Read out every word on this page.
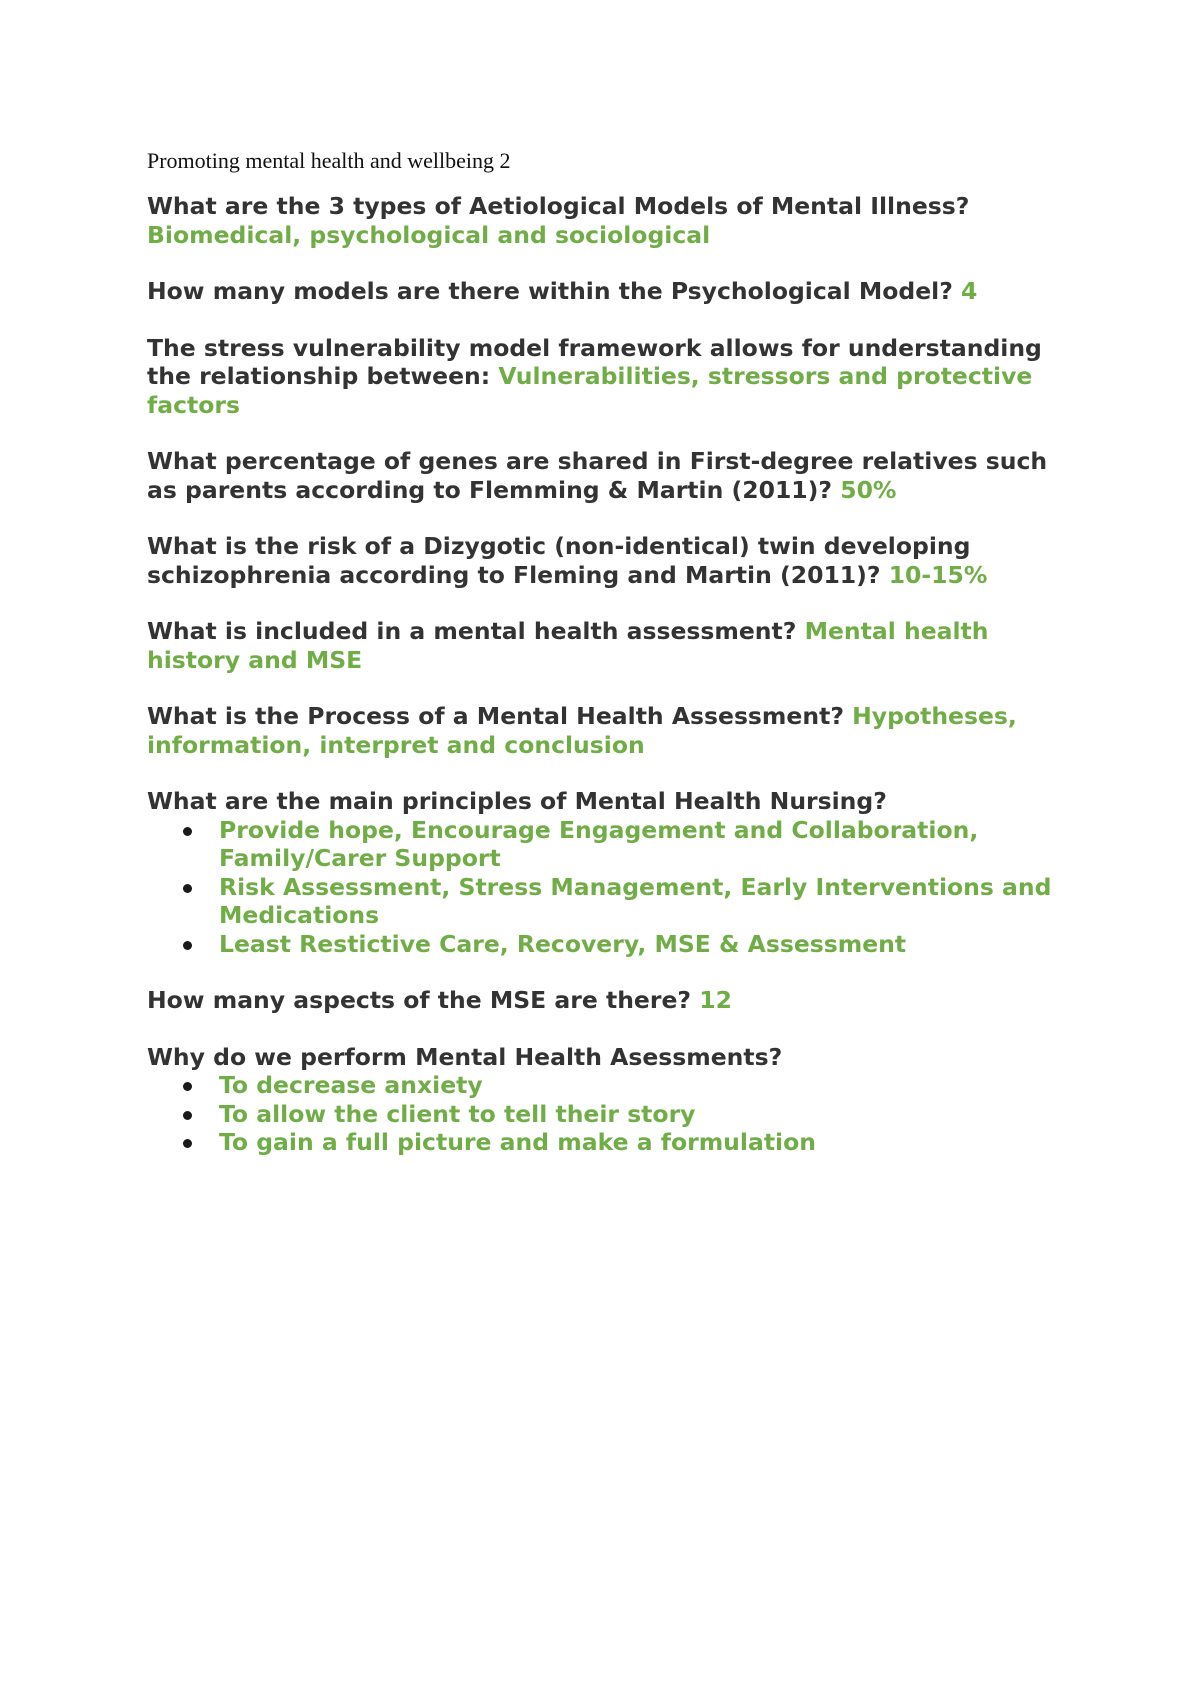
Promoting mental health and wellbeing 2
What are the 3 types of Aetiological Models of Mental Illness?
Biomedical, psychological and sociological
How many models are there within the Psychological Model? 4
The stress vulnerability model framework allows for understanding the relationship between: Vulnerabilities, stressors and protective factors
What percentage of genes are shared in First-degree relatives such as parents according to Flemming & Martin (2011)? 50%
What is the risk of a Dizygotic (non-identical) twin developing schizophrenia according to Fleming and Martin (2011)? 10-15%
What is included in a mental health assessment? Mental health history and MSE
What is the Process of a Mental Health Assessment? Hypotheses, information, interpret and conclusion
What are the main principles of Mental Health Nursing?
Provide hope, Encourage Engagement and Collaboration, Family/Carer Support
Risk Assessment, Stress Management, Early Interventions and Medications
Least Restictive Care, Recovery, MSE & Assessment
How many aspects of the MSE are there? 12
Why do we perform Mental Health Asessments?
To decrease anxiety
To allow the client to tell their story
To gain a full picture and make a formulation
